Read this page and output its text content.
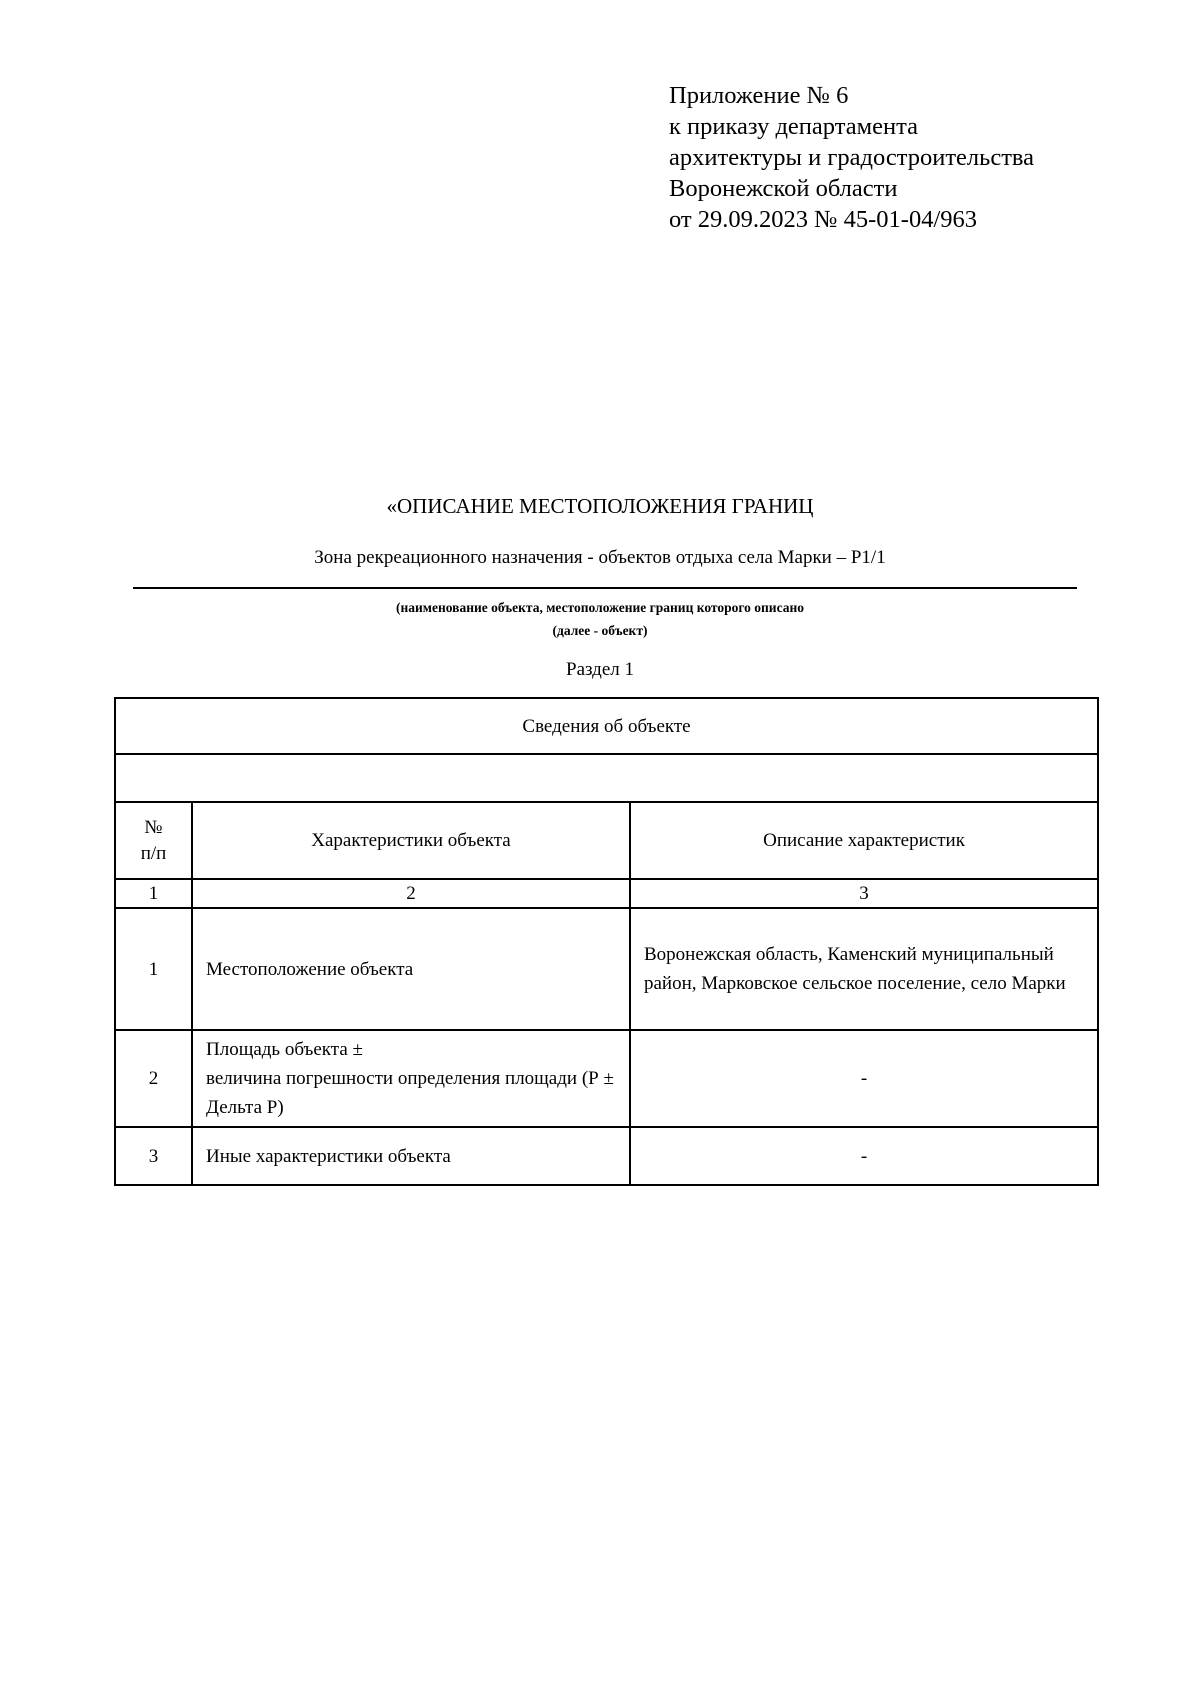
Приложение № 6
к приказу департамента
архитектуры и градостроительства
Воронежской области
от 29.09.2023 № 45-01-04/963
«ОПИСАНИЕ МЕСТОПОЛОЖЕНИЯ ГРАНИЦ
Зона рекреационного назначения - объектов отдыха села Марки – Р1/1
(наименование объекта, местоположение границ которого описано
(далее - объект)
Раздел 1
Сведения об объекте		

№
п/п	Характеристики объекта	Описание характеристик
1	2	3
1	Местоположение объекта	Воронежская область, Каменский муниципальный район, Марковское сельское поселение, село Марки
2	Площадь объекта ±
величина погрешности определения площади (Р ± Дельта Р)	-
3	Иные характеристики объекта	-
